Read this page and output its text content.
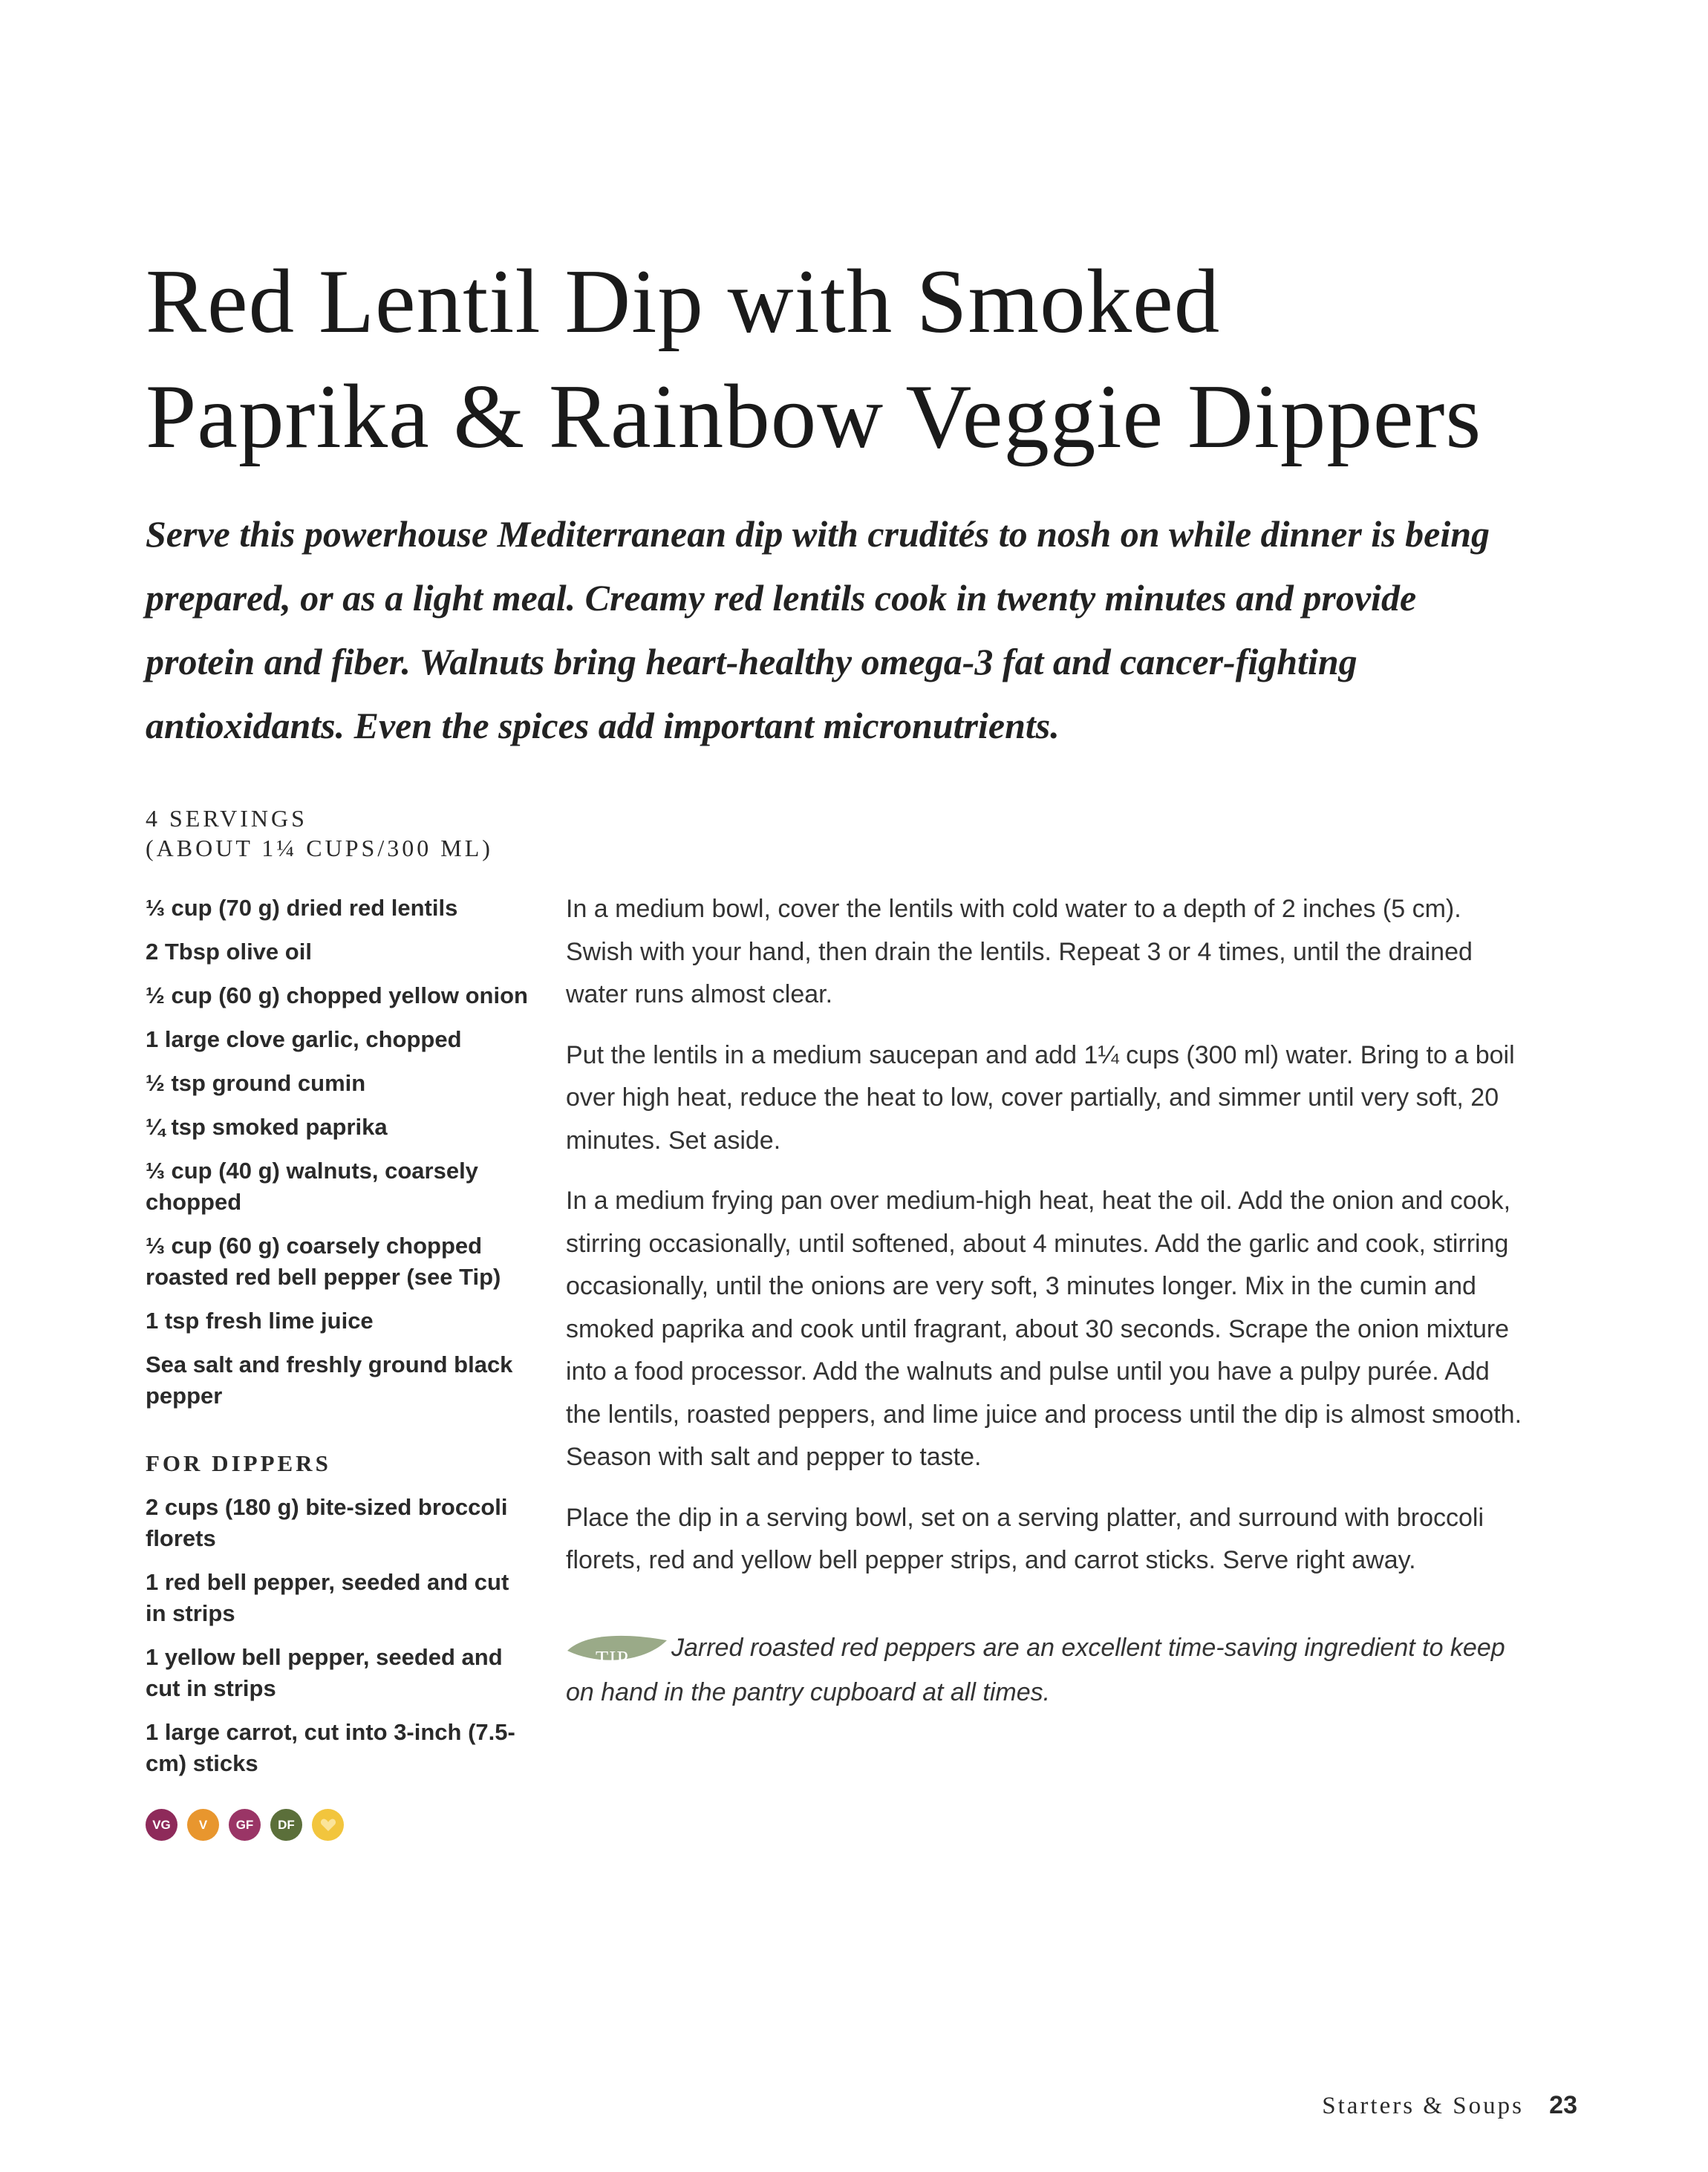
Red Lentil Dip with Smoked
Paprika & Rainbow Veggie Dippers

Serve this powerhouse Mediterranean dip with crudités to nosh on while dinner is being prepared, or as a light meal. Creamy red lentils cook in twenty minutes and provide protein and fiber. Walnuts bring heart-healthy omega-3 fat and cancer-fighting antioxidants. Even the spices add important micronutrients.

4 SERVINGS
(ABOUT 1¼ CUPS/300 ML)
⅓ cup (70 g) dried red lentils
2 Tbsp olive oil
½ cup (60 g) chopped yellow onion
1 large clove garlic, chopped
½ tsp ground cumin
¼ tsp smoked paprika
⅓ cup (40 g) walnuts, coarsely chopped
⅓ cup (60 g) coarsely chopped roasted red bell pepper (see Tip)
1 tsp fresh lime juice
Sea salt and freshly ground black pepper
FOR DIPPERS
2 cups (180 g) bite-sized broccoli florets
1 red bell pepper, seeded and cut in strips
1 yellow bell pepper, seeded and cut in strips
1 large carrot, cut into 3-inch (7.5-cm) sticks
VG	V	GF	DF

In a medium bowl, cover the lentils with cold water to a depth of 2 inches (5 cm). Swish with your hand, then drain the lentils. Repeat 3 or 4 times, until the drained water runs almost clear.

Put the lentils in a medium saucepan and add 1¼ cups (300 ml) water. Bring to a boil over high heat, reduce the heat to low, cover partially, and simmer until very soft, 20 minutes. Set aside.

In a medium frying pan over medium-high heat, heat the oil. Add the onion and cook, stirring occasionally, until softened, about 4 minutes. Add the garlic and cook, stirring occasionally, until the onions are very soft, 3 minutes longer. Mix in the cumin and smoked paprika and cook until fragrant, about 30 seconds. Scrape the onion mixture into a food processor. Add the walnuts and pulse until you have a pulpy purée. Add the lentils, roasted peppers, and lime juice and process until the dip is almost smooth. Season with salt and pepper to taste.

Place the dip in a serving bowl, set on a serving platter, and surround with broccoli florets, red and yellow bell pepper strips, and carrot sticks. Serve right away.

TIP Jarred roasted red peppers are an excellent time-saving ingredient to keep on hand in the pantry cupboard at all times.
Starters & Soups 23
